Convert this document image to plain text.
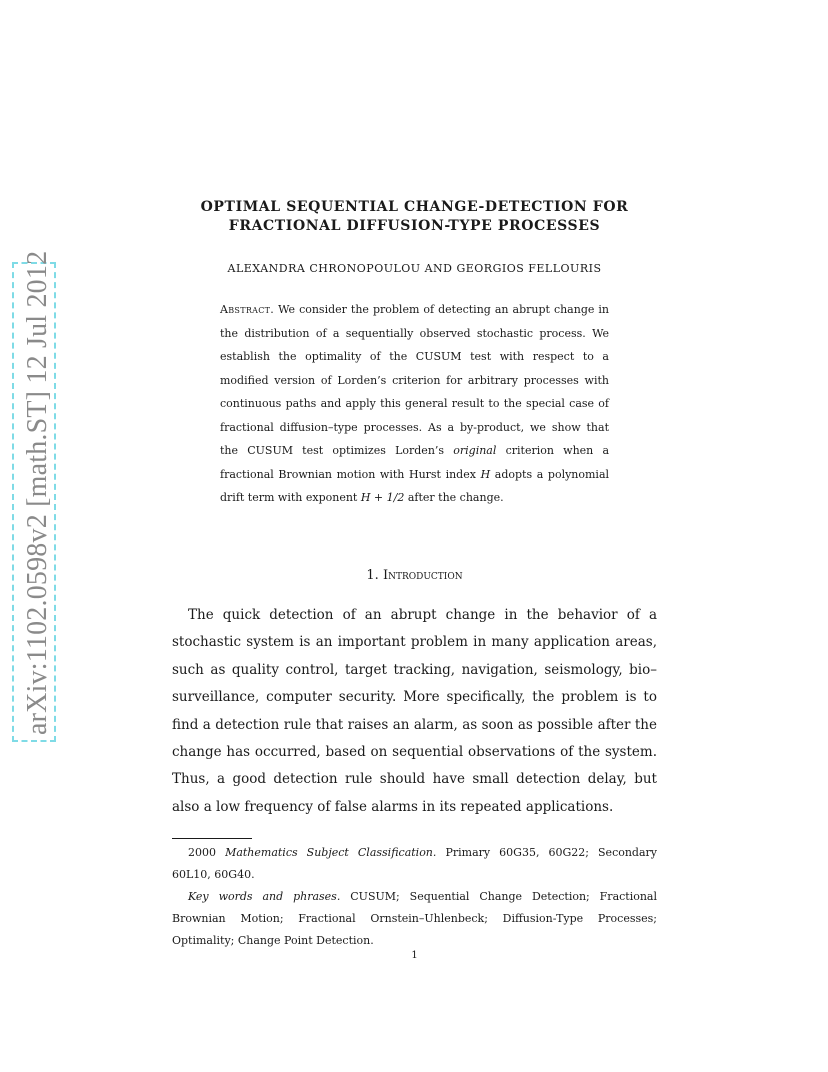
arXiv:1102.0598v2 [math.ST] 12 Jul 2012
OPTIMAL SEQUENTIAL CHANGE-DETECTION FOR
FRACTIONAL DIFFUSION-TYPE PROCESSES
ALEXANDRA CHRONOPOULOU AND GEORGIOS FELLOURIS
Abstract. We consider the problem of detecting an abrupt change in the distribution of a sequentially observed stochastic process. We establish the optimality of the CUSUM test with respect to a modified version of Lorden’s criterion for arbitrary processes with continuous paths and apply this general result to the special case of fractional diffusion–type processes. As a by-product, we show that the CUSUM test optimizes Lorden’s original criterion when a fractional Brownian motion with Hurst index H adopts a polynomial drift term with exponent H + 1/2 after the change.
1. Introduction

The quick detection of an abrupt change in the behavior of a stochastic system is an important problem in many application areas, such as quality control, target tracking, navigation, seismology, bio–surveillance, computer security. More specifically, the problem is to find a detection rule that raises an alarm, as soon as possible after the change has occurred, based on sequential observations of the system. Thus, a good detection rule should have small detection delay, but also a low frequency of false alarms in its repeated applications.

2000 Mathematics Subject Classification. Primary 60G35, 60G22; Secondary 60L10, 60G40.

Key words and phrases. CUSUM; Sequential Change Detection; Fractional Brownian Motion; Fractional Ornstein–Uhlenbeck; Diffusion-Type Processes; Optimality; Change Point Detection.

1
